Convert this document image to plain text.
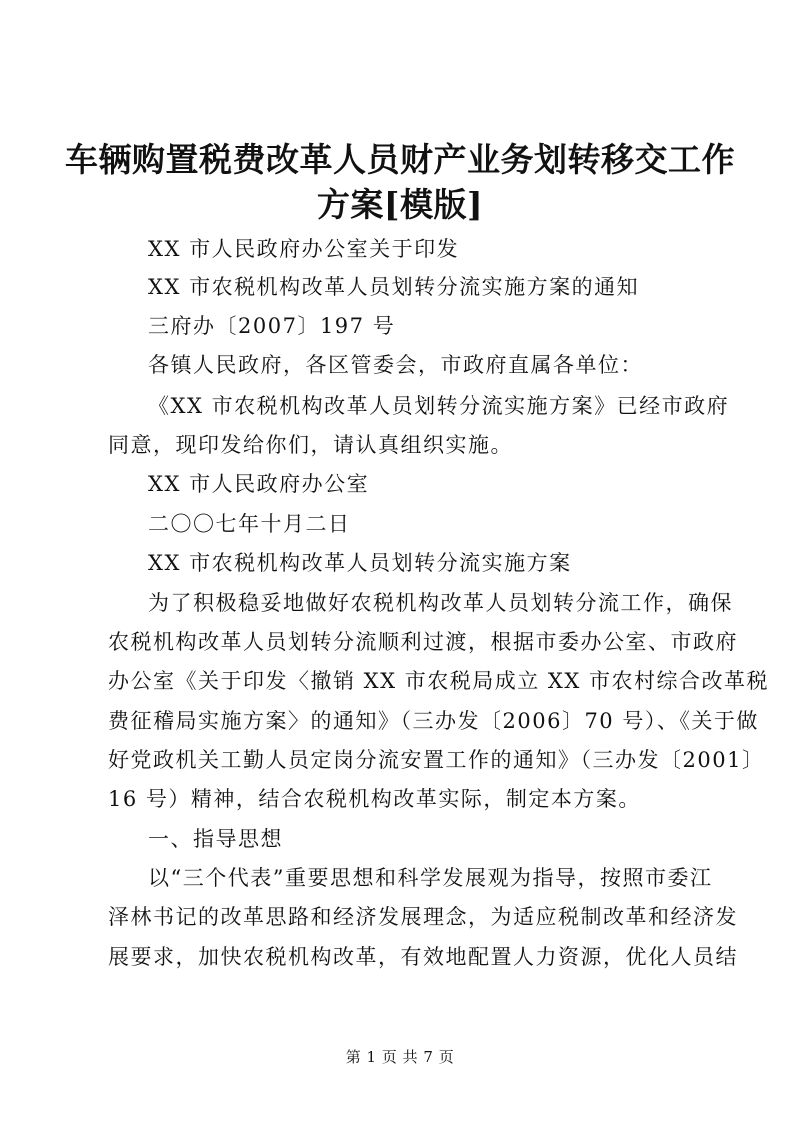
车辆购置税费改革人员财产业务划转移交工作
方案[模版]
XX 市人民政府办公室关于印发
XX 市农税机构改革人员划转分流实施方案的通知
三府办〔2007〕197 号
各镇人民政府，各区管委会，市政府直属各单位：
《XX 市农税机构改革人员划转分流实施方案》已经市政府
同意，现印发给你们，请认真组织实施。
XX 市人民政府办公室
二〇〇七年十月二日
XX 市农税机构改革人员划转分流实施方案
为了积极稳妥地做好农税机构改革人员划转分流工作，确保
农税机构改革人员划转分流顺利过渡，根据市委办公室、市政府
办公室《关于印发〈撤销 XX 市农税局成立 XX 市农村综合改革税
费征稽局实施方案〉的通知》（三办发〔2006〕70 号）、《关于做
好党政机关工勤人员定岗分流安置工作的通知》（三办发〔2001〕
16 号）精神，结合农税机构改革实际，制定本方案。
一、指导思想
以“三个代表”重要思想和科学发展观为指导，按照市委江
泽林书记的改革思路和经济发展理念，为适应税制改革和经济发
展要求，加快农税机构改革，有效地配置人力资源，优化人员结
第 1 页 共 7 页
